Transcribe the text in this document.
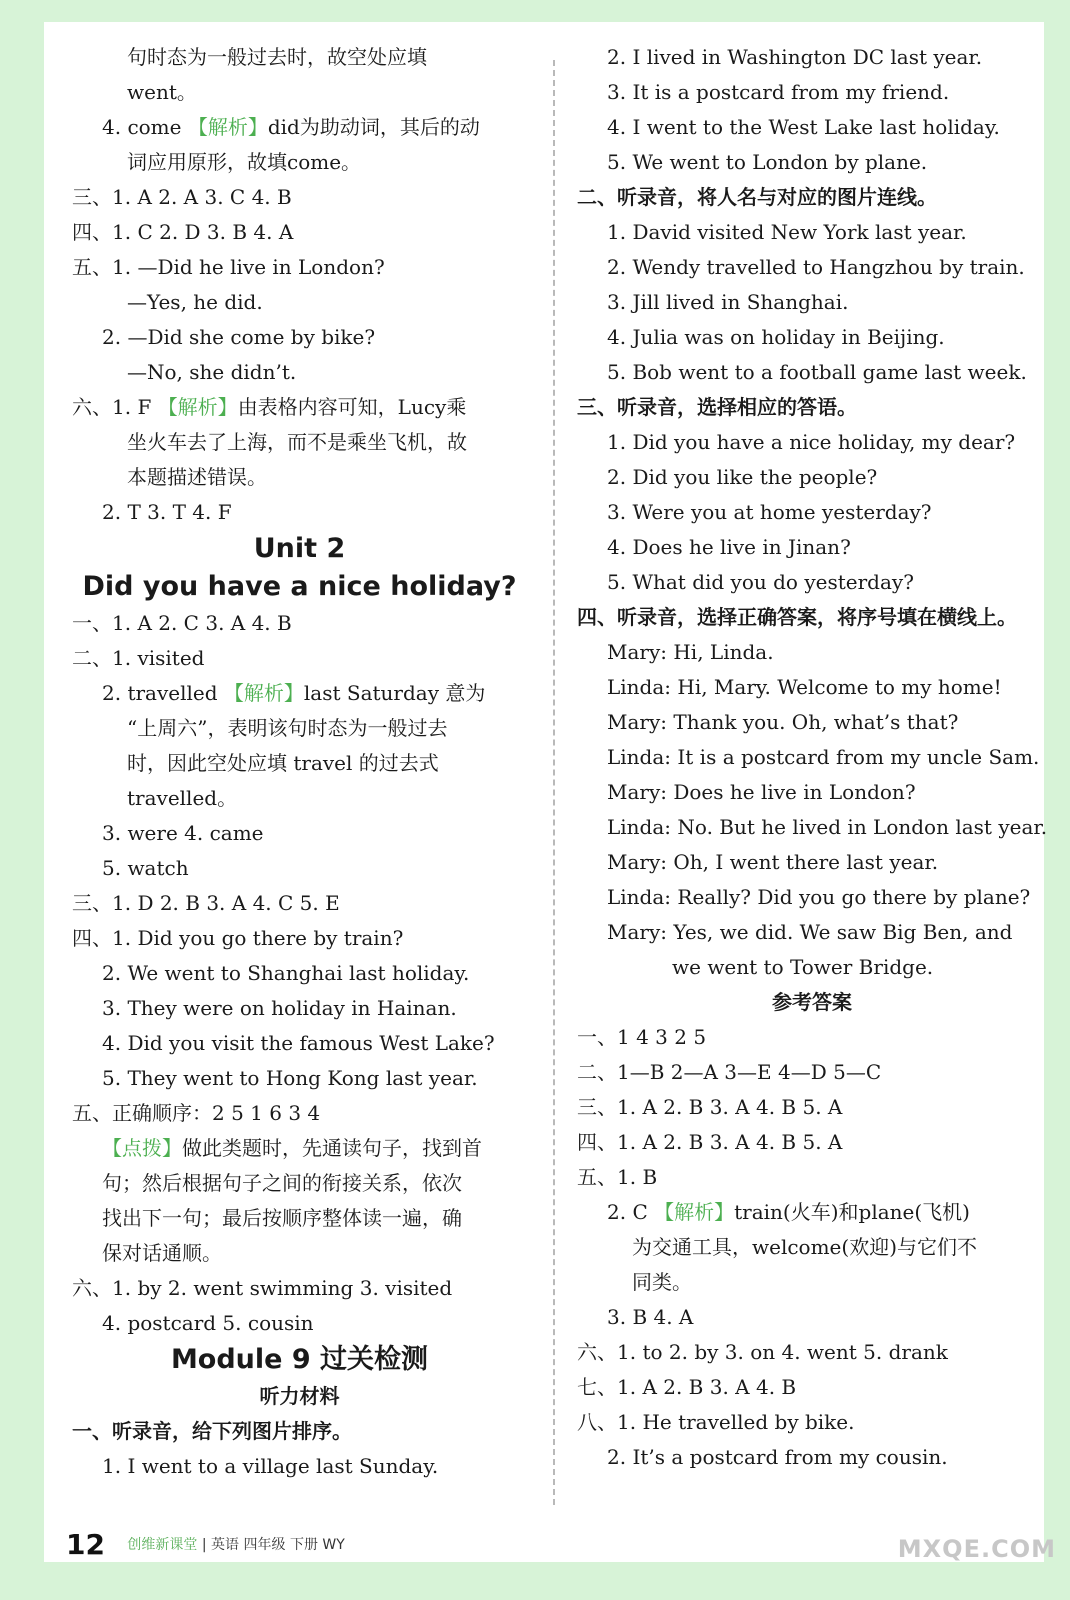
句时态为一般过去时，故空处应填
went。
4. come 【解析】did为助动词，其后的动
词应用原形，故填come。
三、1. A 2. A 3. C 4. B
四、1. C 2. D 3. B 4. A
五、1. —Did he live in London?
—Yes, he did.
2. —Did she come by bike?
—No, she didn’t.
六、1. F 【解析】由表格内容可知，Lucy乘
坐火车去了上海，而不是乘坐飞机，故
本题描述错误。
2. T 3. T 4. F
Unit 2
Did you have a nice holiday?
一、1. A 2. C 3. A 4. B
二、1. visited
2. travelled 【解析】last Saturday 意为
“上周六”，表明该句时态为一般过去
时，因此空处应填 travel 的过去式
travelled。
3. were 4. came
5. watch
三、1. D 2. B 3. A 4. C 5. E
四、1. Did you go there by train?
2. We went to Shanghai last holiday.
3. They were on holiday in Hainan.
4. Did you visit the famous West Lake?
5. They went to Hong Kong last year.
五、正确顺序：2 5 1 6 3 4
【点拨】做此类题时，先通读句子，找到首
句；然后根据句子之间的衔接关系，依次
找出下一句；最后按顺序整体读一遍，确
保对话通顺。
六、1. by 2. went swimming 3. visited
4. postcard 5. cousin
Module 9 过关检测
听力材料
一、听录音，给下列图片排序。
1. I went to a village last Sunday.
2. I lived in Washington DC last year.
3. It is a postcard from my friend.
4. I went to the West Lake last holiday.
5. We went to London by plane.
二、听录音，将人名与对应的图片连线。
1. David visited New York last year.
2. Wendy travelled to Hangzhou by train.
3. Jill lived in Shanghai.
4. Julia was on holiday in Beijing.
5. Bob went to a football game last week.
三、听录音，选择相应的答语。
1. Did you have a nice holiday, my dear?
2. Did you like the people?
3. Were you at home yesterday?
4. Does he live in Jinan?
5. What did you do yesterday?
四、听录音，选择正确答案，将序号填在横线上。
Mary: Hi, Linda.
Linda: Hi, Mary. Welcome to my home!
Mary: Thank you. Oh, what’s that?
Linda: It is a postcard from my uncle Sam.
Mary: Does he live in London?
Linda: No. But he lived in London last year.
Mary: Oh, I went there last year.
Linda: Really? Did you go there by plane?
Mary: Yes, we did. We saw Big Ben, and
we went to Tower Bridge.
参考答案
一、1 4 3 2 5
二、1—B 2—A 3—E 4—D 5—C
三、1. A 2. B 3. A 4. B 5. A
四、1. A 2. B 3. A 4. B 5. A
五、1. B
2. C 【解析】train(火车)和plane(飞机)
为交通工具，welcome(欢迎)与它们不
同类。
3. B 4. A
六、1. to 2. by 3. on 4. went 5. drank
七、1. A 2. B 3. A 4. B
八、1. He travelled by bike.
2. It’s a postcard from my cousin.
12 创维新课堂 | 英语 四年级 下册 WY	MXQE.COM
